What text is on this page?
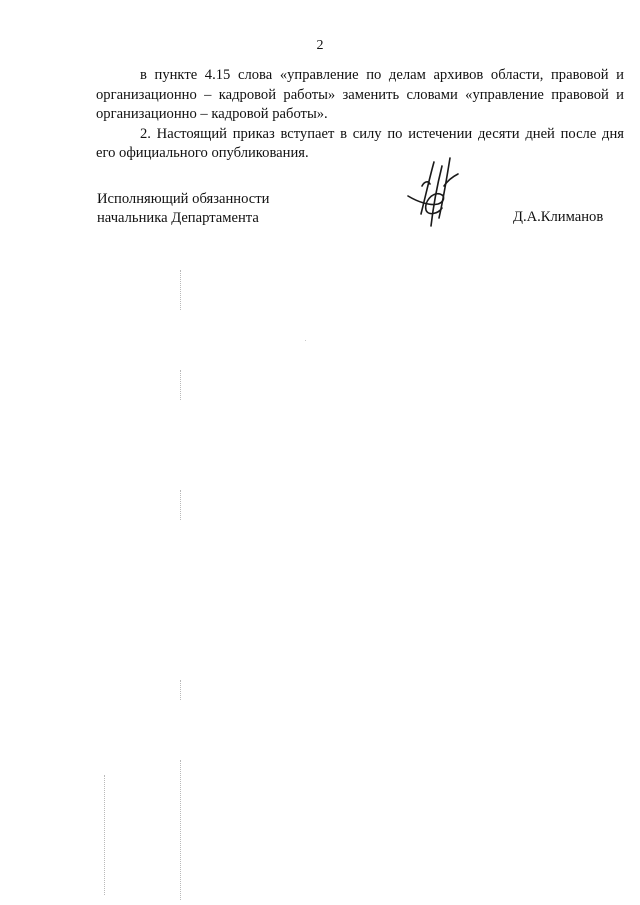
2

в пункте 4.15 слова «управление по делам архивов области, правовой и организационно – кадровой работы» заменить словами «управление правовой и организационно – кадровой работы».

2. Настоящий приказ вступает в силу по истечении десяти дней после дня его официального опубликования.

Исполняющий обязанности
начальника Департамента	Д.А.Климанов
